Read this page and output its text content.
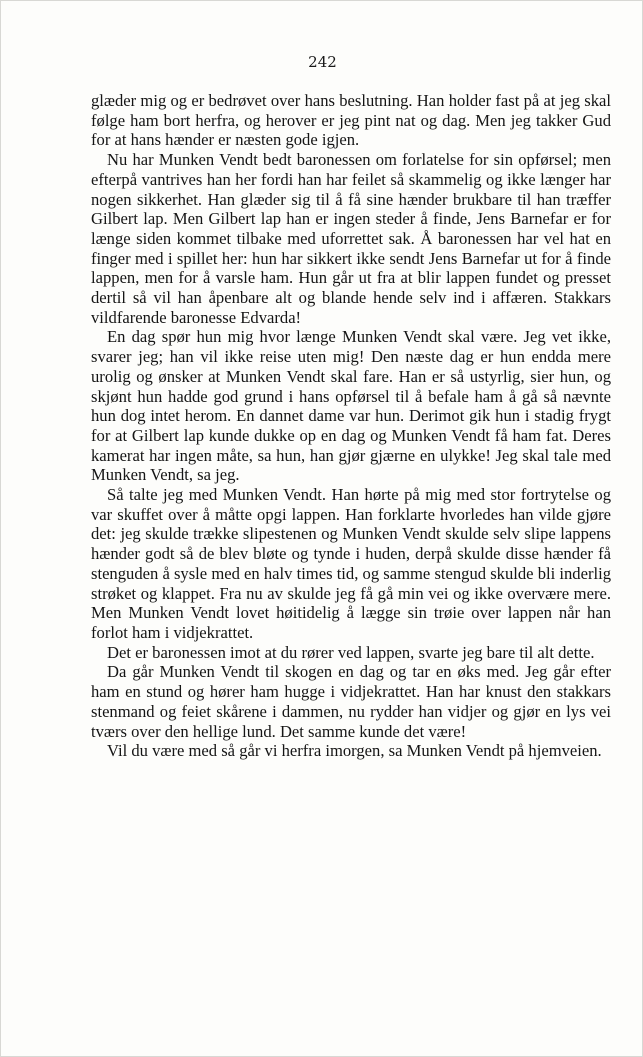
242

glæder mig og er bedrøvet over hans beslutning. Han holder fast på at jeg skal følge ham bort herfra, og herover er jeg pint nat og dag. Men jeg takker Gud for at hans hænder er næsten gode igjen.

Nu har Munken Vendt bedt baronessen om forlatelse for sin opførsel; men efterpå vantrives han her fordi han har feilet så skammelig og ikke længer har nogen sikkerhet. Han glæder sig til å få sine hænder brukbare til han træffer Gilbert lap. Men Gilbert lap han er ingen steder å finde, Jens Barnefar er for længe siden kommet tilbake med uforrettet sak. Å baronessen har vel hat en finger med i spillet her: hun har sikkert ikke sendt Jens Barnefar ut for å finde lappen, men for å varsle ham. Hun går ut fra at blir lappen fundet og presset dertil så vil han åpenbare alt og blande hende selv ind i affæren. Stakkars vildfarende baronesse Edvarda!

En dag spør hun mig hvor længe Munken Vendt skal være. Jeg vet ikke, svarer jeg; han vil ikke reise uten mig! Den næste dag er hun endda mere urolig og ønsker at Munken Vendt skal fare. Han er så ustyrlig, sier hun, og skjønt hun hadde god grund i hans opførsel til å befale ham å gå så nævnte hun dog intet herom. En dannet dame var hun. Derimot gik hun i stadig frygt for at Gilbert lap kunde dukke op en dag og Munken Vendt få ham fat. Deres kamerat har ingen måte, sa hun, han gjør gjærne en ulykke! Jeg skal tale med Munken Vendt, sa jeg.

Så talte jeg med Munken Vendt. Han hørte på mig med stor fortrytelse og var skuffet over å måtte opgi lappen. Han forklarte hvorledes han vilde gjøre det: jeg skulde trække slipestenen og Munken Vendt skulde selv slipe lappens hænder godt så de blev bløte og tynde i huden, derpå skulde disse hænder få stenguden å sysle med en halv times tid, og samme stengud skulde bli inderlig strøket og klappet. Fra nu av skulde jeg få gå min vei og ikke overvære mere. Men Munken Vendt lovet høitidelig å lægge sin trøie over lappen når han forlot ham i vidjekrattet.

Det er baronessen imot at du rører ved lappen, svarte jeg bare til alt dette.

Da går Munken Vendt til skogen en dag og tar en øks med. Jeg går efter ham en stund og hører ham hugge i vidjekrattet. Han har knust den stakkars stenmand og feiet skårene i dammen, nu rydder han vidjer og gjør en lys vei tværs over den hellige lund. Det samme kunde det være!

Vil du være med så går vi herfra imorgen, sa Munken Vendt på hjemveien.
